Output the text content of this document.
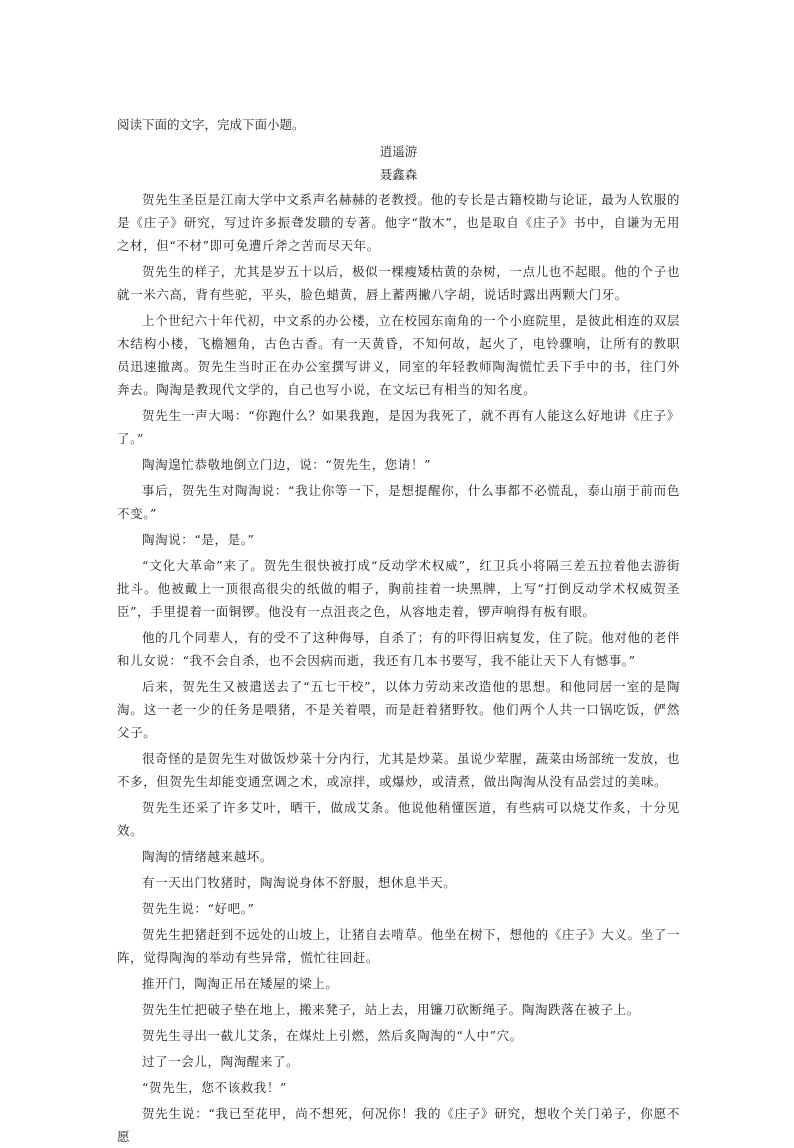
阅读下面的文字，完成下面小题。

逍遥游

聂鑫森

贺先生圣臣是江南大学中文系声名赫赫的老教授。他的专长是古籍校勘与论证，最为人钦服的是《庄子》研究，写过许多振聋发聩的专著。他字“散木”，也是取自《庄子》书中，自谦为无用之材，但“不材”即可免遭斤斧之苦而尽天年。

贺先生的样子，尤其是岁五十以后，极似一棵瘦矮枯黄的杂树，一点儿也不起眼。他的个子也就一米六高，背有些驼，平头，脸色蜡黄，唇上蓄两撇八字胡，说话时露出两颗大门牙。

上个世纪六十年代初，中文系的办公楼，立在校园东南角的一个小庭院里，是彼此相连的双层木结构小楼，飞檐翘角，古色古香。有一天黄昏，不知何故，起火了，电铃骤响，让所有的教职员迅速撤离。贺先生当时正在办公室撰写讲义，同室的年轻教师陶淘慌忙丢下手中的书，往门外奔去。陶淘是教现代文学的，自己也写小说，在文坛已有相当的知名度。

贺先生一声大喝：“你跑什么？如果我跑，是因为我死了，就不再有人能这么好地讲《庄子》了。”

陶淘遑忙恭敬地倒立门边，说：“贺先生，您请！”

事后，贺先生对陶淘说：“我让你等一下，是想提醒你，什么事都不必慌乱，泰山崩于前而色不变。”

陶淘说：“是，是。”

“文化大革命”来了。贺先生很快被打成“反动学术权威”，红卫兵小将隔三差五拉着他去游街批斗。他被戴上一顶很高很尖的纸做的帽子，胸前挂着一块黑牌，上写“打倒反动学术权威贺圣臣”，手里提着一面铜锣。他没有一点沮丧之色，从容地走着，锣声响得有板有眼。

他的几个同辈人，有的受不了这种侮辱，自杀了；有的吓得旧病复发，住了院。他对他的老伴和儿女说：“我不会自杀，也不会因病而逝，我还有几本书要写，我不能让天下人有憾事。”

后来，贺先生又被遣送去了“五七干校”，以体力劳动来改造他的思想。和他同居一室的是陶淘。这一老一少的任务是喂猪，不是关着喂，而是赶着猪野牧。他们两个人共一口锅吃饭，俨然父子。

很奇怪的是贺先生对做饭炒菜十分内行，尤其是炒菜。虽说少荤腥，蔬菜由场部统一发放，也不多，但贺先生却能变通烹调之术，或凉拌，或爆炒，或清煮，做出陶淘从没有品尝过的美味。

贺先生还采了许多艾叶，晒干，做成艾条。他说他稍懂医道，有些病可以烧艾作炙，十分见效。

陶淘的情绪越来越坏。

有一天出门牧猪时，陶淘说身体不舒服，想休息半天。

贺先生说：“好吧。”

贺先生把猪赶到不远处的山坡上，让猪自去啃草。他坐在树下，想他的《庄子》大义。坐了一阵，觉得陶淘的举动有些异常，慌忙往回赶。

推开门，陶淘正吊在矮屋的梁上。

贺先生忙把破子垫在地上，搬来凳子，站上去，用镰刀砍断绳子。陶淘跌落在被子上。

贺先生寻出一截儿艾条，在煤灶上引燃，然后炙陶淘的“人中”穴。

过了一会儿，陶淘醒来了。

“贺先生，您不该救我！”

贺先生说：“我已至花甲，尚不想死，何况你！我的《庄子》研究，想收个关门弟子，你愿不愿
